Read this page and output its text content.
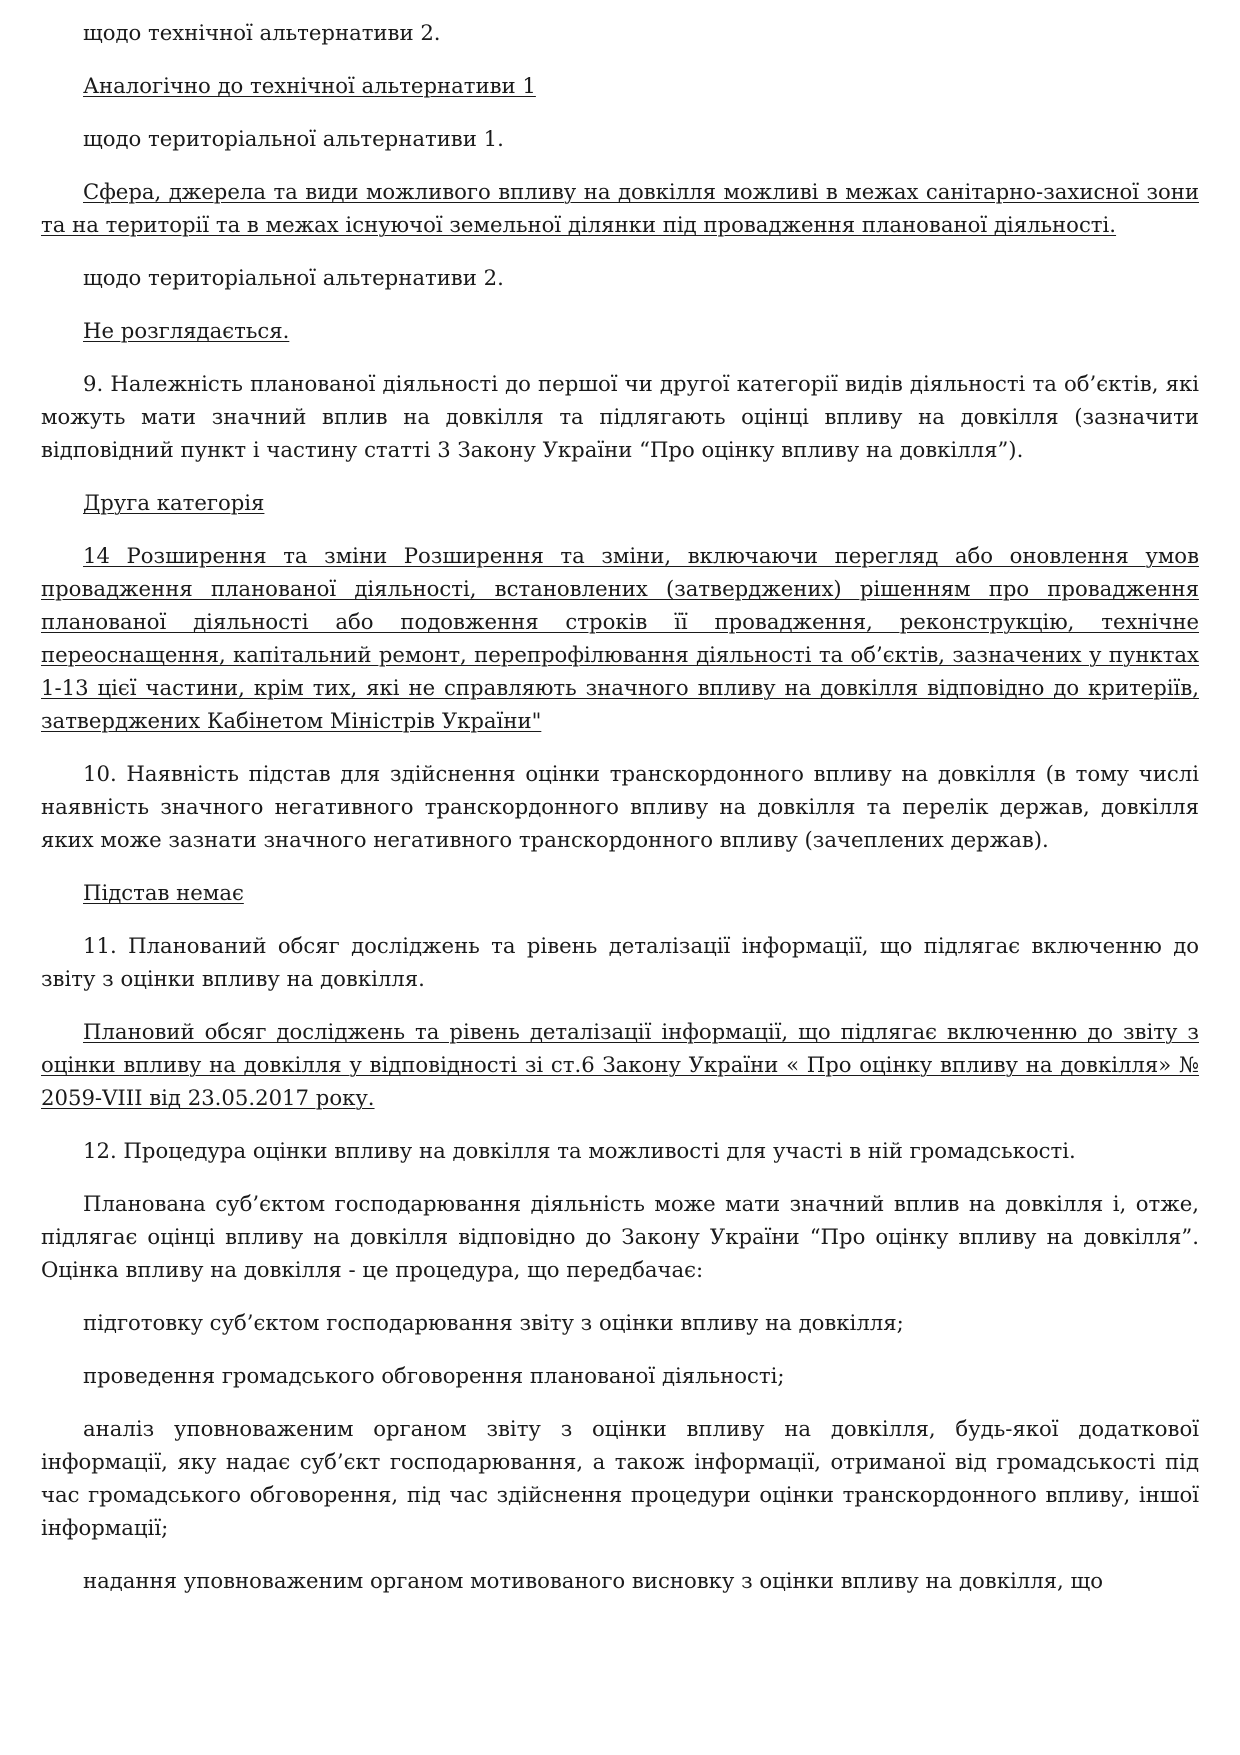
щодо технічної альтернативи 2.

Аналогічно до технічної альтернативи 1

щодо територіальної альтернативи 1.

Сфера, джерела та види можливого впливу на довкілля можливі в межах санітарно-захисної зони та на території та в межах існуючої земельної ділянки під провадження планованої діяльності.

щодо територіальної альтернативи 2.

Не розглядається.

9. Належність планованої діяльності до першої чи другої категорії видів діяльності та об’єктів, які можуть мати значний вплив на довкілля та підлягають оцінці впливу на довкілля (зазначити відповідний пункт і частину статті 3 Закону України “Про оцінку впливу на довкілля”).

Друга категорія

14 Розширення та зміни Розширення та зміни, включаючи перегляд або оновлення умов провадження планованої діяльності, встановлених (затверджених) рішенням про провадження планованої діяльності або подовження строків її провадження, реконструкцію, технічне переоснащення, капітальний ремонт, перепрофілювання діяльності та об’єктів, зазначених у пунктах 1-13 цієї частини, крім тих, які не справляють значного впливу на довкілля відповідно до критеріїв, затверджених Кабінетом Міністрів України"

10. Наявність підстав для здійснення оцінки транскордонного впливу на довкілля (в тому числі наявність значного негативного транскордонного впливу на довкілля та перелік держав, довкілля яких може зазнати значного негативного транскордонного впливу (зачеплених держав).

Підстав немає

11. Планований обсяг досліджень та рівень деталізації інформації, що підлягає включенню до звіту з оцінки впливу на довкілля.

Плановий обсяг досліджень та рівень деталізації інформації, що підлягає включенню до звіту з оцінки впливу на довкілля у відповідності зі ст.6 Закону України « Про оцінку впливу на довкілля» № 2059-VIII від 23.05.2017 року.

12. Процедура оцінки впливу на довкілля та можливості для участі в ній громадськості.

Планована суб’єктом господарювання діяльність може мати значний вплив на довкілля і, отже, підлягає оцінці впливу на довкілля відповідно до Закону України “Про оцінку впливу на довкілля”. Оцінка впливу на довкілля - це процедура, що передбачає:

підготовку суб’єктом господарювання звіту з оцінки впливу на довкілля;

проведення громадського обговорення планованої діяльності;

аналіз уповноваженим органом звіту з оцінки впливу на довкілля, будь-якої додаткової інформації, яку надає суб’єкт господарювання, а також інформації, отриманої від громадськості під час громадського обговорення, під час здійснення процедури оцінки транскордонного впливу, іншої інформації;

надання уповноваженим органом мотивованого висновку з оцінки впливу на довкілля, що
